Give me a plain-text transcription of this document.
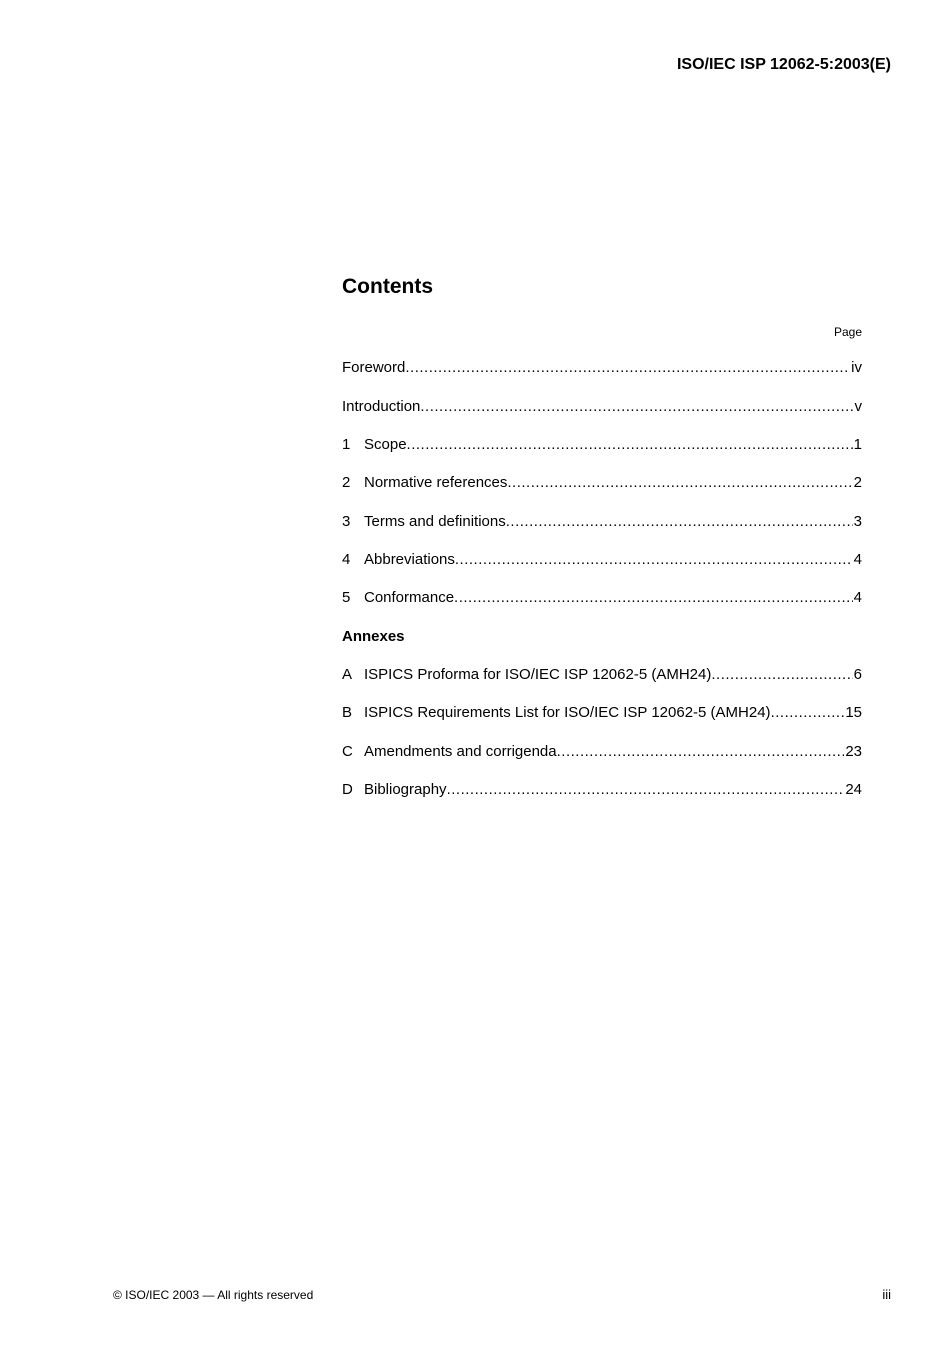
ISO/IEC ISP 12062-5:2003(E)
Contents
Page
Foreword .....	iv
Introduction .....	v
1 Scope .....	1
2 Normative references .....	2
3 Terms and definitions .....	3
4 Abbreviations .....	4
5 Conformance .....	4
Annexes
A ISPICS Proforma for ISO/IEC ISP 12062-5 (AMH24) .....	6
B ISPICS Requirements List for ISO/IEC ISP 12062-5 (AMH24) .....	15
C Amendments and corrigenda .....	23
D Bibliography .....	24
© ISO/IEC 2003 — All rights reserved	iii
